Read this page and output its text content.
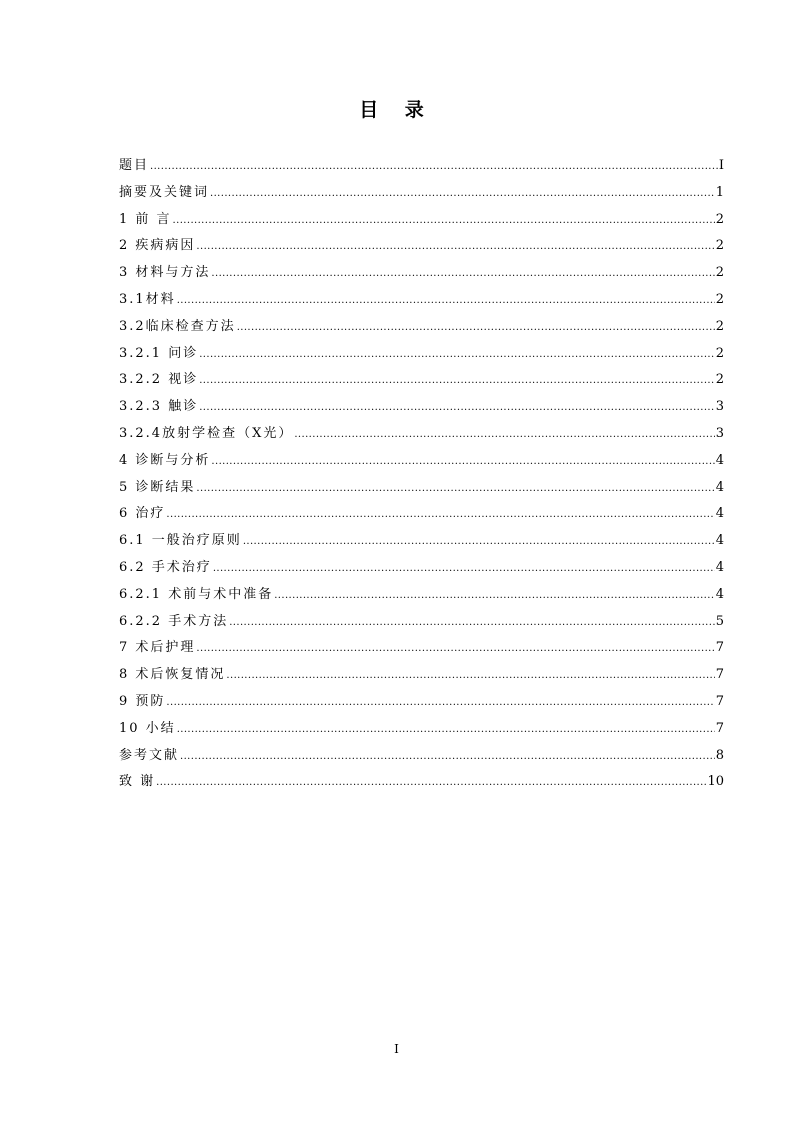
目 录
题目 .....	I
摘要及关键词 .....	1
1 前 言 .....	2
2 疾病病因 .....	2
3 材料与方法 .....	2
3.1材料 .....	2
3.2临床检查方法 .....	2
3.2.1 问诊 .....	2
3.2.2 视诊 .....	2
3.2.3 触诊 .....	3
3.2.4放射学检查（X光） .....	3
4 诊断与分析 .....	4
5 诊断结果 .....	4
6 治疗 .....	4
6.1 一般治疗原则 .....	4
6.2 手术治疗 .....	4
6.2.1 术前与术中准备 .....	4
6.2.2 手术方法 .....	5
7 术后护理 .....	7
8 术后恢复情况 .....	7
9 预防 .....	7
10 小结 .....	7
参考文献 .....	8
致 谢 .....	10
I
